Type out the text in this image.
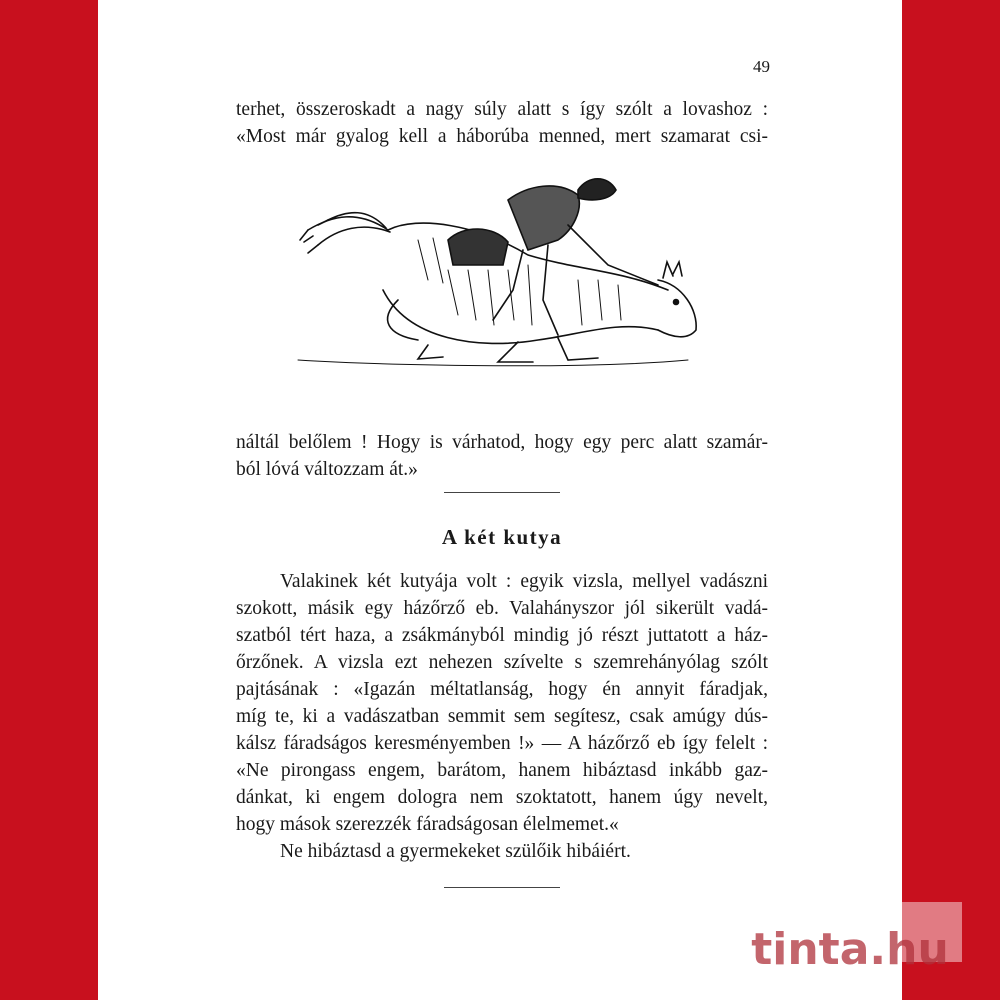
49
terhet, összeroskadt a nagy súly alatt s így szólt a lovashoz :
«Most már gyalog kell a háborúba menned, mert szamarat csi-
náltál belőlem ! Hogy is várhatod, hogy egy perc alatt szamár-
ból lóvá változzam át.»
A két kutya
Valakinek két kutyája volt : egyik vizsla, mellyel vadászni
szokott, másik egy házőrző eb. Valahányszor jól sikerült vadá-
szatból tért haza, a zsákmányból mindig jó részt juttatott a ház-
őrzőnek. A vizsla ezt nehezen szívelte s szemrehányólag szólt
pajtásának : «Igazán méltatlanság, hogy én annyit fáradjak,
míg te, ki a vadászatban semmit sem segítesz, csak amúgy dús-
kálsz fáradságos keresményemben !» — A házőrző eb így felelt :
«Ne pirongass engem, barátom, hanem hibáztasd inkább gaz-
dánkat, ki engem dologra nem szoktatott, hanem úgy nevelt,
hogy mások szerezzék fáradságosan élelmemet.«
Ne hibáztasd a gyermekeket szülőik hibáiért.
tinta.hu
